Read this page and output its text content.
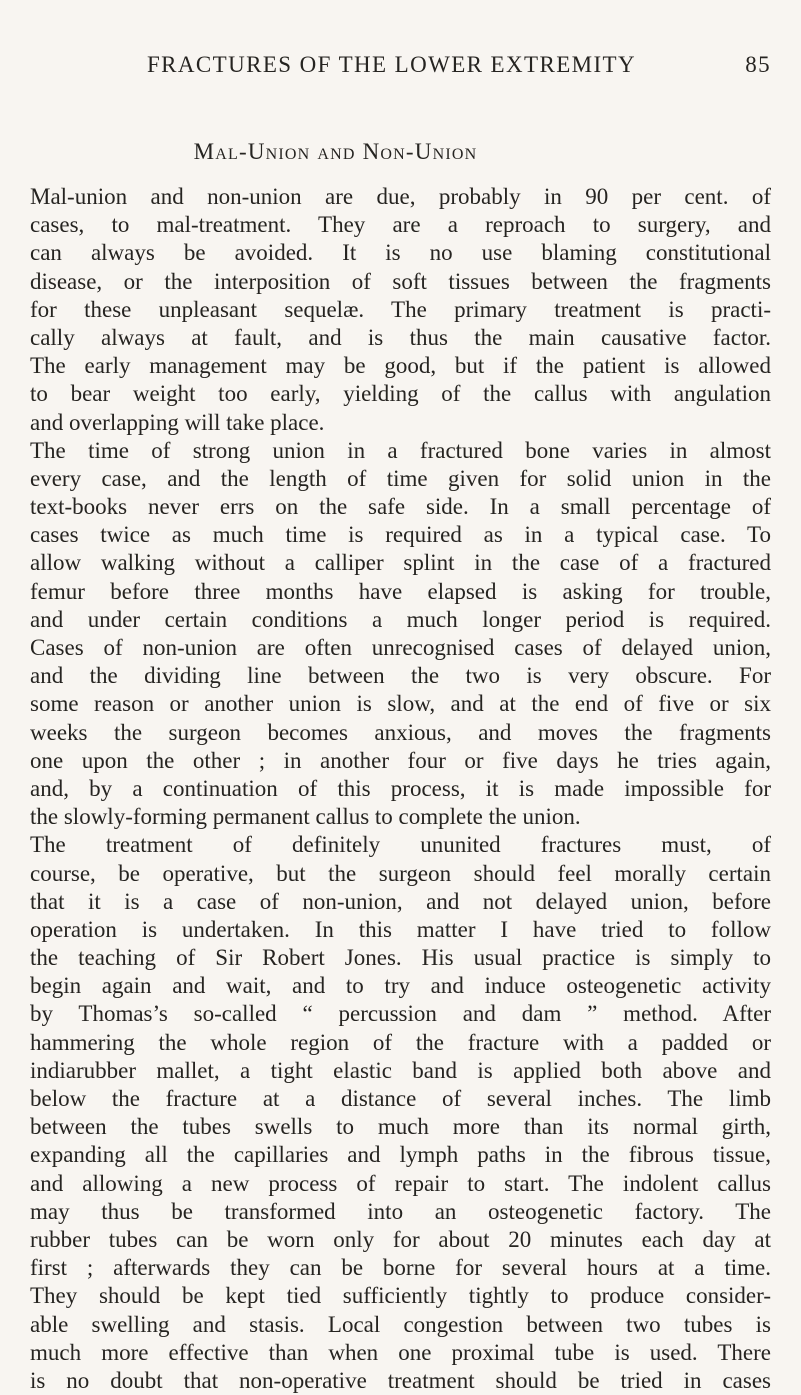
FRACTURES OF THE LOWER EXTREMITY	85
Mal-Union and Non-Union
Mal-union and non-union are due, probably in 90 per cent. of
cases, to mal-treatment. They are a reproach to surgery, and
can always be avoided. It is no use blaming constitutional
disease, or the interposition of soft tissues between the fragments
for these unpleasant sequelæ. The primary treatment is practi-
cally always at fault, and is thus the main causative factor.
The early management may be good, but if the patient is allowed
to bear weight too early, yielding of the callus with angulation
and overlapping will take place.
The time of strong union in a fractured bone varies in almost
every case, and the length of time given for solid union in the
text-books never errs on the safe side. In a small percentage of
cases twice as much time is required as in a typical case. To
allow walking without a calliper splint in the case of a fractured
femur before three months have elapsed is asking for trouble,
and under certain conditions a much longer period is required.
Cases of non-union are often unrecognised cases of delayed union,
and the dividing line between the two is very obscure. For
some reason or another union is slow, and at the end of five or six
weeks the surgeon becomes anxious, and moves the fragments
one upon the other ; in another four or five days he tries again,
and, by a continuation of this process, it is made impossible for
the slowly-forming permanent callus to complete the union.
The treatment of definitely ununited fractures must, of
course, be operative, but the surgeon should feel morally certain
that it is a case of non-union, and not delayed union, before
operation is undertaken. In this matter I have tried to follow
the teaching of Sir Robert Jones. His usual practice is simply to
begin again and wait, and to try and induce osteogenetic activity
by Thomas’s so-called “ percussion and dam ” method. After
hammering the whole region of the fracture with a padded or
indiarubber mallet, a tight elastic band is applied both above and
below the fracture at a distance of several inches. The limb
between the tubes swells to much more than its normal girth,
expanding all the capillaries and lymph paths in the fibrous tissue,
and allowing a new process of repair to start. The indolent callus
may thus be transformed into an osteogenetic factory. The
rubber tubes can be worn only for about 20 minutes each day at
first ; afterwards they can be borne for several hours at a time.
They should be kept tied sufficiently tightly to produce consider-
able swelling and stasis. Local congestion between two tubes is
much more effective than when one proximal tube is used. There
is no doubt that non-operative treatment should be tried in cases
